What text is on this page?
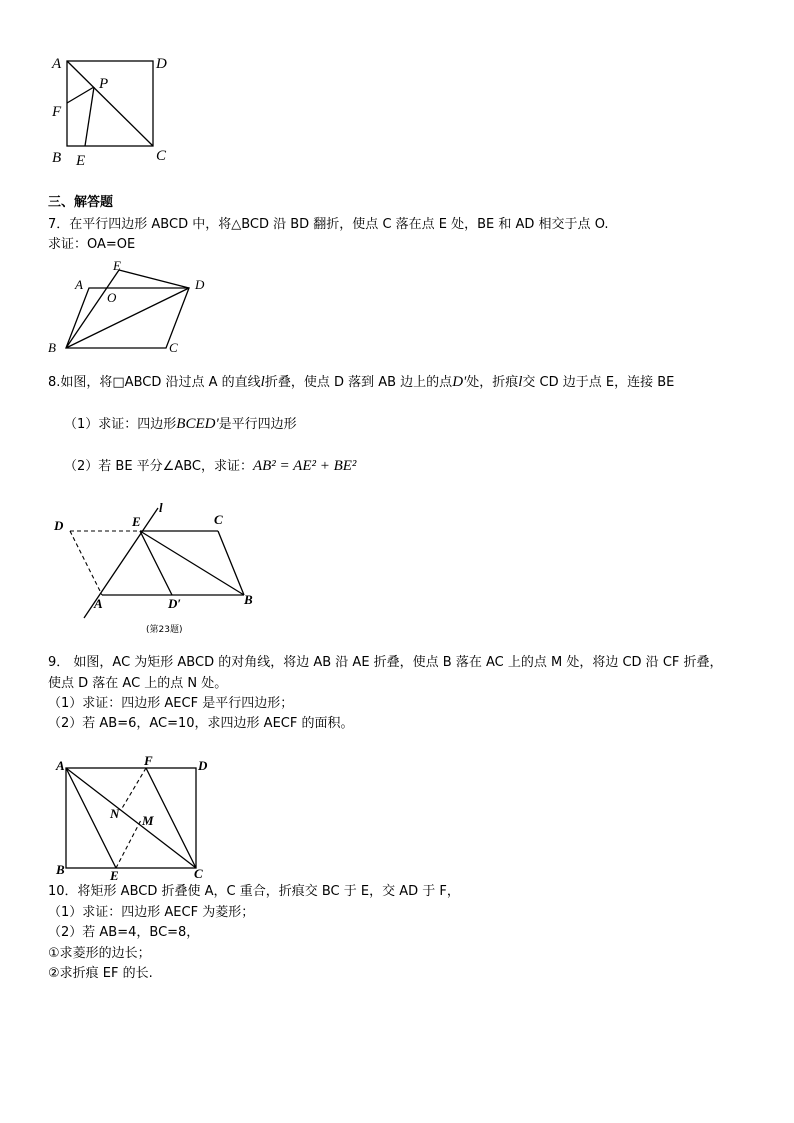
A	D
P
F
B E	C
三、解答题
7．在平行四边形 ABCD 中，将△BCD 沿 BD 翻折，使点 C 落在点 E 处，BE 和 AD 相交于点 O.
求证：OA=OE
A
E
O
D
B	C
8.如图，将□ABCD 沿过点 A 的直线l折叠，使点 D 落到 AB 边上的点D'处，折痕l交 CD 边于点 E，连接 BE
（1）求证：四边形BCED'是平行四边形
（2）若 BE 平分∠ABC，求证：AB² = AE² + BE²
D	E
l
C
A	D′	B
(第23题)
9． 如图，AC 为矩形 ABCD 的对角线，将边 AB 沿 AE 折叠，使点 B 落在 AC 上的点 M 处，将边 CD 沿 CF 折叠，
使点 D 落在 AC 上的点 N 处。
（1）求证：四边形 AECF 是平行四边形；
（2）若 AB=6，AC=10，求四边形 AECF 的面积。
A	F	D
N M
B	E	C
10．将矩形 ABCD 折叠使 A，C 重合，折痕交 BC 于 E，交 AD 于 F，
（1）求证：四边形 AECF 为菱形；
（2）若 AB=4，BC=8，
①求菱形的边长；
②求折痕 EF 的长.
